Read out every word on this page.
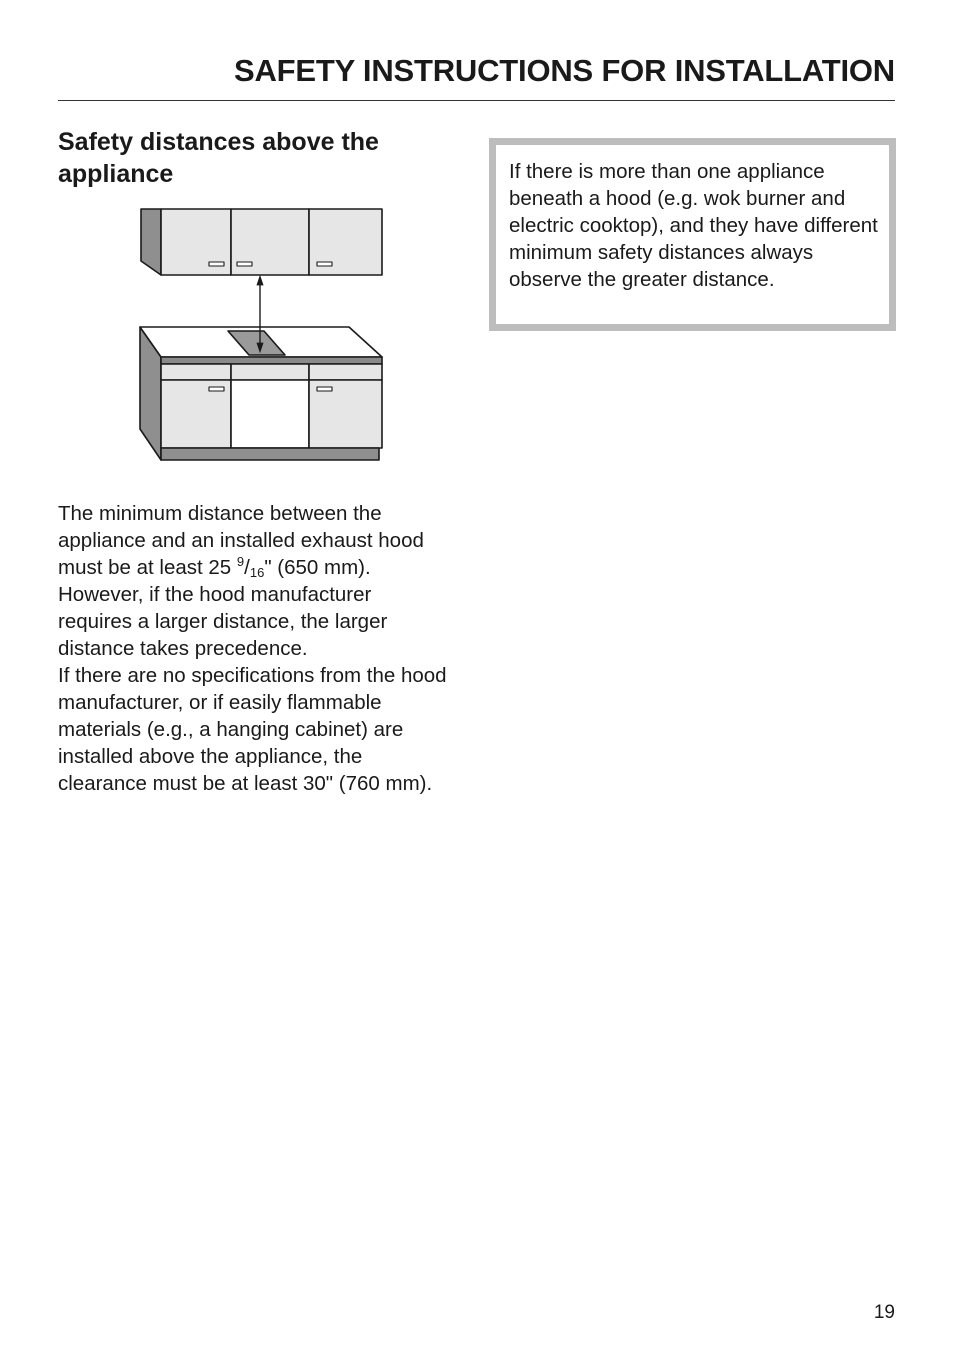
SAFETY INSTRUCTIONS FOR INSTALLATION
Safety distances above the appliance

The minimum distance between the appliance and an installed exhaust hood must be at least 25 $^9/_{16}$" (650 mm). However, if the hood manufacturer requires a larger distance, the larger distance takes precedence.

If there are no specifications from the hood manufacturer, or if easily flammable materials (e.g., a hanging cabinet) are installed above the appliance, the clearance must be at least 30" (760 mm).

If there is more than one appliance beneath a hood (e.g. wok burner and electric cooktop), and they have different minimum safety distances always observe the greater distance.
19
